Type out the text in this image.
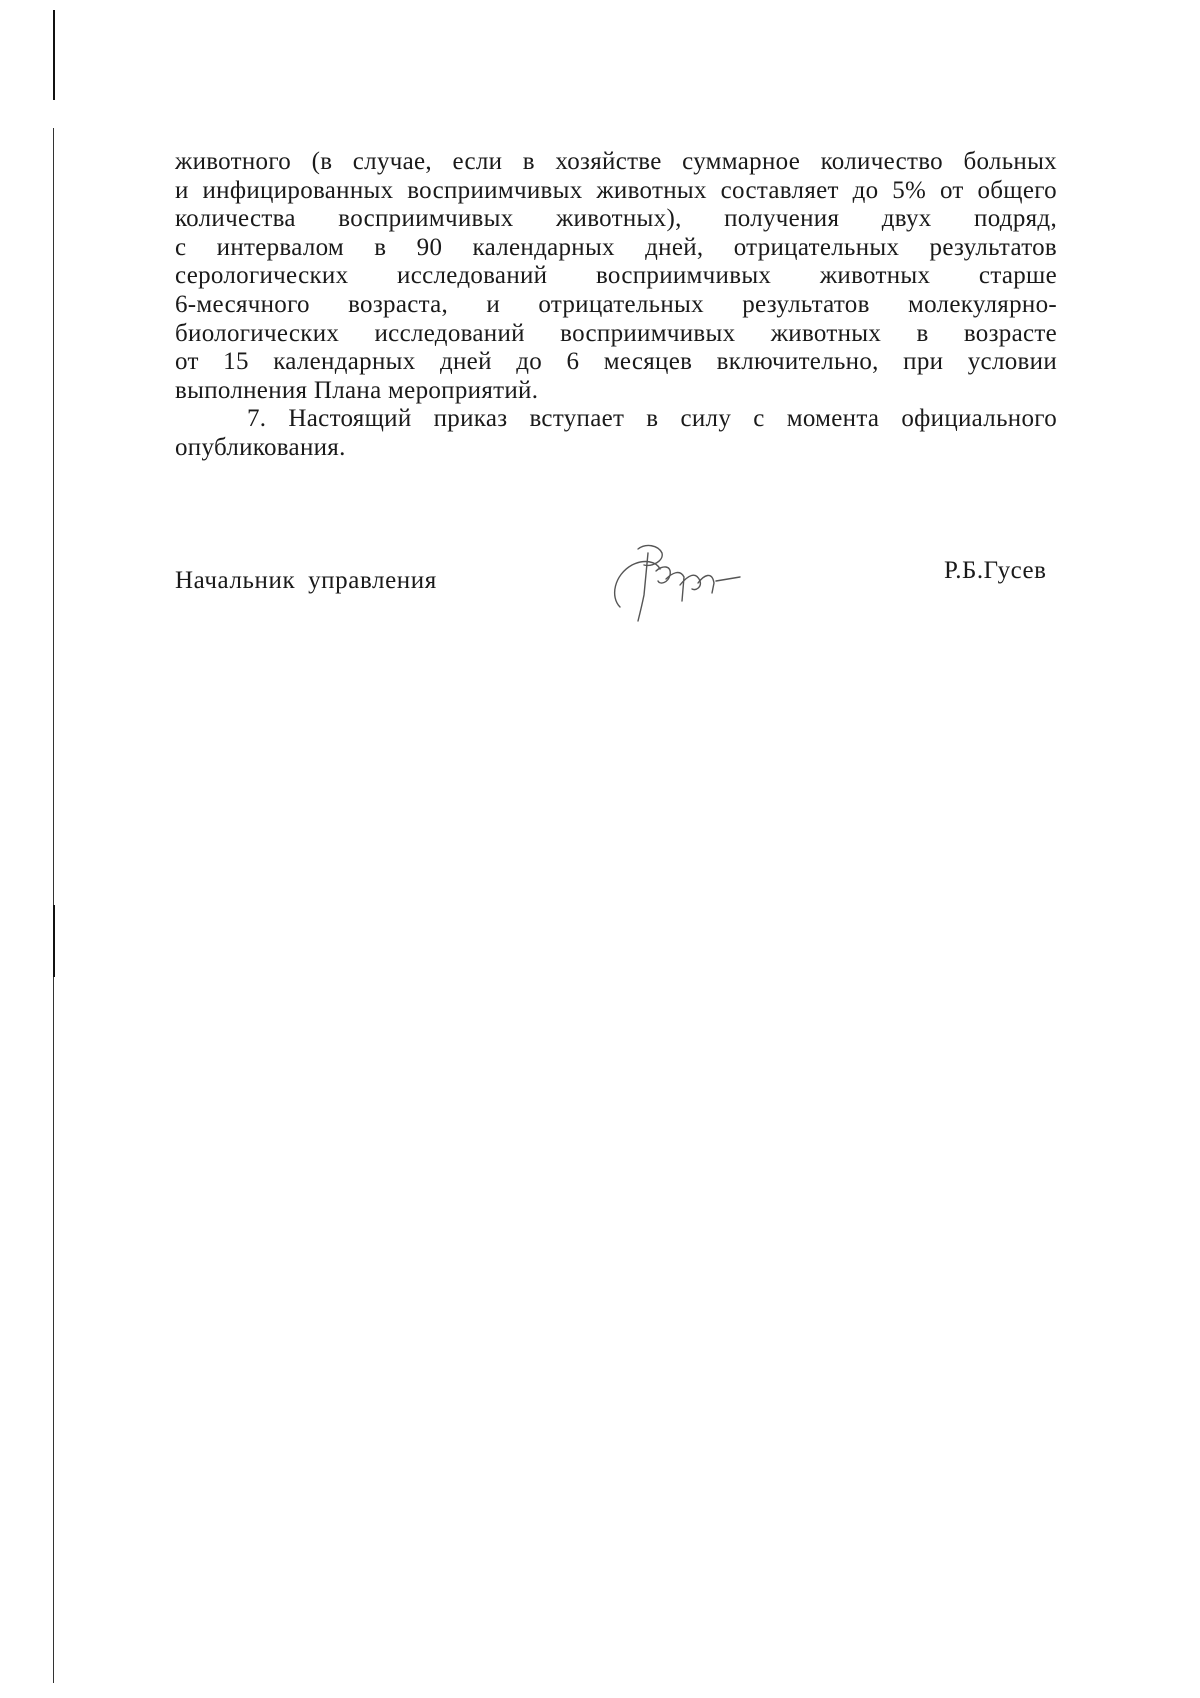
животного (в случае, если в хозяйстве суммарное количество больных
и инфицированных восприимчивых животных составляет до 5% от общего
количества восприимчивых животных), получения двух подряд,
с интервалом в 90 календарных дней, отрицательных результатов
серологических исследований восприимчивых животных старше
6-месячного возраста, и отрицательных результатов молекулярно-
биологических исследований восприимчивых животных в возрасте
от 15 календарных дней до 6 месяцев включительно, при условии
выполнения Плана мероприятий.
7. Настоящий приказ вступает в силу с момента официального
опубликования.
Начальник управления	Р.Б.Гусев
